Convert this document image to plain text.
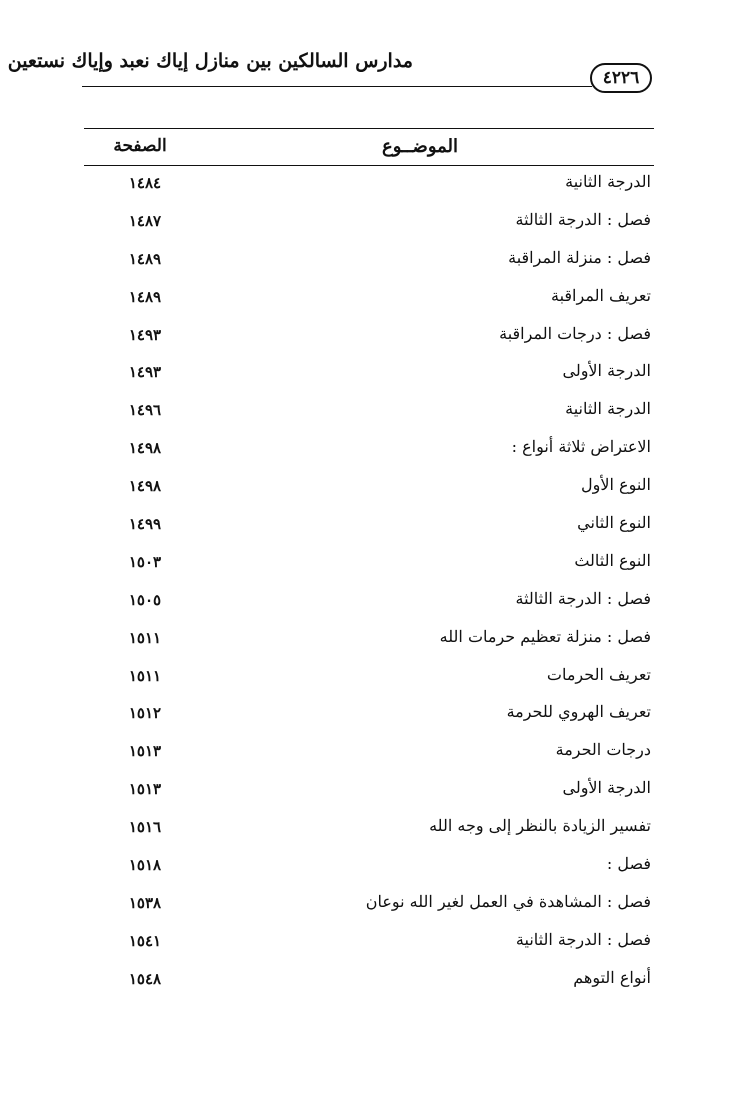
مدارس السالكين بين منازل إياك نعبد وإياك نستعين
٤٢٢٦
الموضــوع
الصفحة
الدرجة الثانية
١٤٨٤
فصل : الدرجة الثالثة
١٤٨٧
فصل : منزلة المراقبة
١٤٨٩
تعريف المراقبة
١٤٨٩
فصل : درجات المراقبة
١٤٩٣
الدرجة الأولى
١٤٩٣
الدرجة الثانية
١٤٩٦
الاعتراض ثلاثة أنواع :
١٤٩٨
النوع الأول
١٤٩٨
النوع الثاني
١٤٩٩
النوع الثالث
١٥٠٣
فصل : الدرجة الثالثة
١٥٠٥
فصل : منزلة تعظيم حرمات الله
١٥١١
تعريف الحرمات
١٥١١
تعريف الهروي للحرمة
١٥١٢
درجات الحرمة
١٥١٣
الدرجة الأولى
١٥١٣
تفسير الزيادة بالنظر إلى وجه الله
١٥١٦
فصل :
١٥١٨
فصل : المشاهدة في العمل لغير الله نوعان
١٥٣٨
فصل : الدرجة الثانية
١٥٤١
أنواع التوهم
١٥٤٨
